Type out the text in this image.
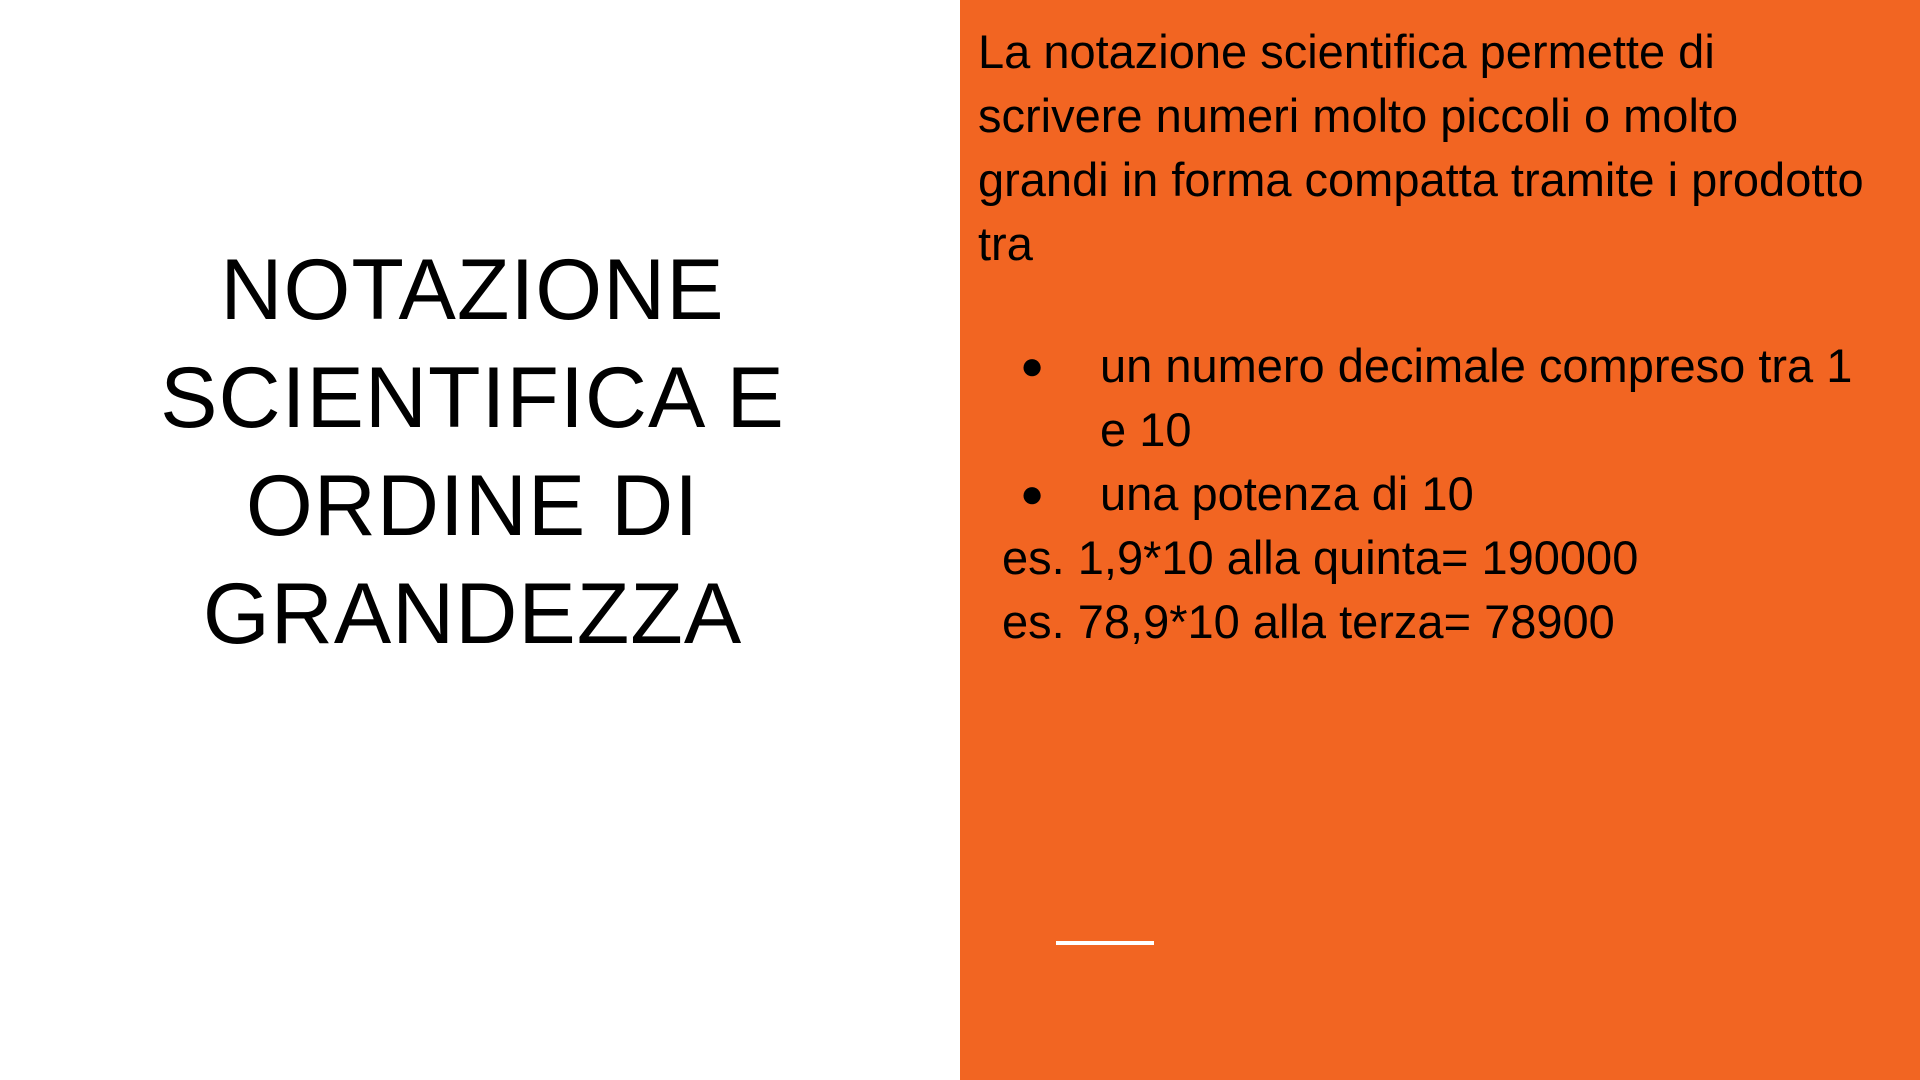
NOTAZIONE
SCIENTIFICA E
ORDINE DI
GRANDEZZA
La notazione scientifica permette di scrivere numeri molto piccoli o molto grandi in forma compatta tramite i prodotto tra
●	un numero decimale compreso tra 1 e 10
●	una potenza di 10
es. 1,9*10 alla quinta= 190000
es. 78,9*10 alla terza= 78900
